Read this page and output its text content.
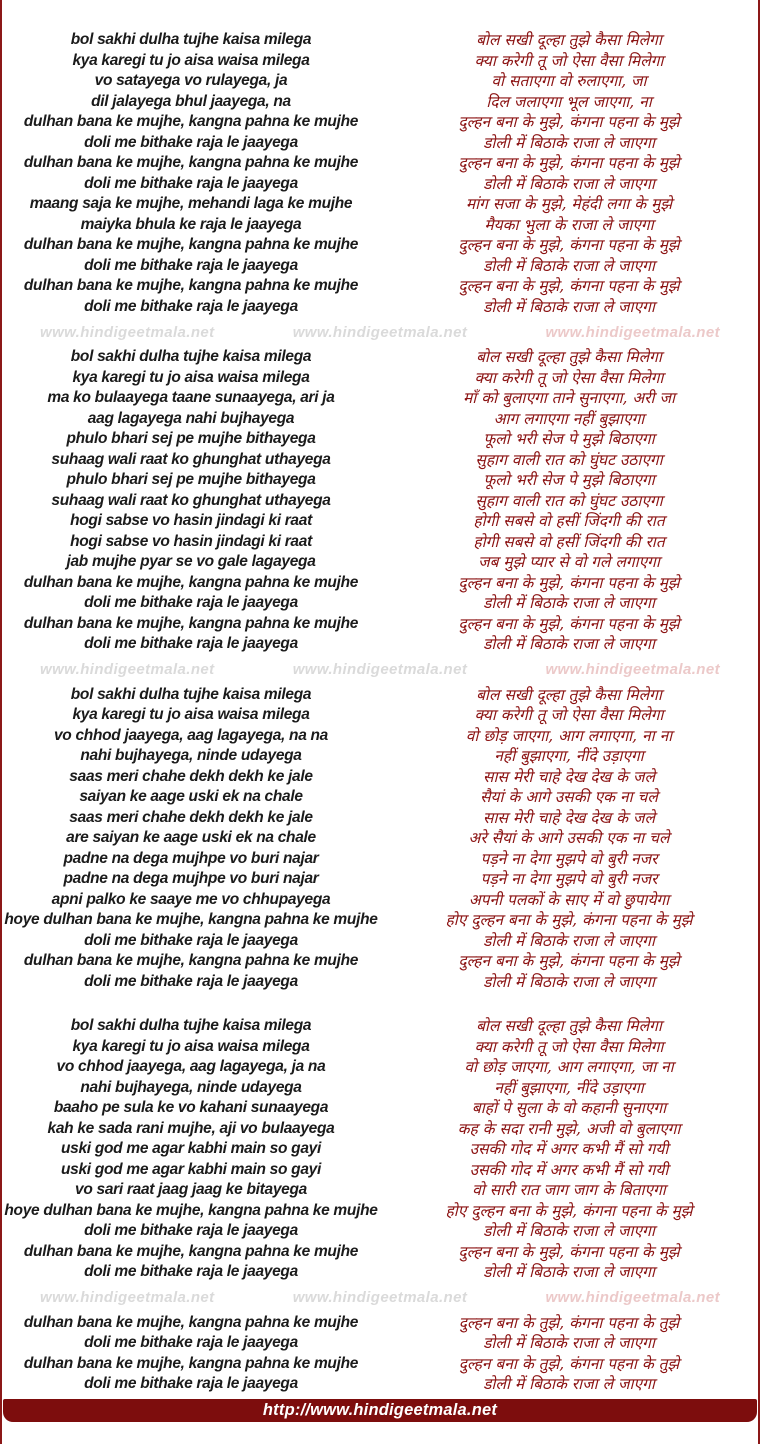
bol sakhi dulha tujhe kaisa milega

kya karegi tu jo aisa waisa milega

vo satayega vo rulayega, ja

dil jalayega bhul jaayega, na

dulhan bana ke mujhe, kangna pahna ke mujhe

doli me bithake raja le jaayega

dulhan bana ke mujhe, kangna pahna ke mujhe

doli me bithake raja le jaayega

maang saja ke mujhe, mehandi laga ke mujhe

maiyka bhula ke raja le jaayega

dulhan bana ke mujhe, kangna pahna ke mujhe

doli me bithake raja le jaayega

dulhan bana ke mujhe, kangna pahna ke mujhe

doli me bithake raja le jaayega

बोल सखी दूल्हा तुझे कैसा मिलेगा

क्या करेगी तू जो ऐसा वैसा मिलेगा

वो सताएगा वो रुलाएगा, जा

दिल जलाएगा भूल जाएगा, ना

दुल्हन बना के मुझे, कंगना पहना के मुझे

डोली में बिठाके राजा ले जाएगा

दुल्हन बना के मुझे, कंगना पहना के मुझे

डोली में बिठाके राजा ले जाएगा

मांग सजा के मुझे, मेहंदी लगा के मुझे

मैयका भुला के राजा ले जाएगा

दुल्हन बना के मुझे, कंगना पहना के मुझे

डोली में बिठाके राजा ले जाएगा

दुल्हन बना के मुझे, कंगना पहना के मुझे

डोली में बिठाके राजा ले जाएगा

www.hindigeetmala.net	www.hindigeetmala.net	www.hindigeetmala.net

bol sakhi dulha tujhe kaisa milega

kya karegi tu jo aisa waisa milega

ma ko bulaayega taane sunaayega, ari ja

aag lagayega nahi bujhayega

phulo bhari sej pe mujhe bithayega

suhaag wali raat ko ghunghat uthayega

phulo bhari sej pe mujhe bithayega

suhaag wali raat ko ghunghat uthayega

hogi sabse vo hasin jindagi ki raat

hogi sabse vo hasin jindagi ki raat

jab mujhe pyar se vo gale lagayega

dulhan bana ke mujhe, kangna pahna ke mujhe

doli me bithake raja le jaayega

dulhan bana ke mujhe, kangna pahna ke mujhe

doli me bithake raja le jaayega

बोल सखी दूल्हा तुझे कैसा मिलेगा

क्या करेगी तू जो ऐसा वैसा मिलेगा

माँ को बुलाएगा ताने सुनाएगा, अरी जा

आग लगाएगा नहीं बुझाएगा

फूलो भरी सेज पे मुझे बिठाएगा

सुहाग वाली रात को घुंघट उठाएगा

फूलो भरी सेज पे मुझे बिठाएगा

सुहाग वाली रात को घुंघट उठाएगा

होगी सबसे वो हसीं जिंदगी की रात

होगी सबसे वो हसीं जिंदगी की रात

जब मुझे प्यार से वो गले लगाएगा

दुल्हन बना के मुझे, कंगना पहना के मुझे

डोली में बिठाके राजा ले जाएगा

दुल्हन बना के मुझे, कंगना पहना के मुझे

डोली में बिठाके राजा ले जाएगा

www.hindigeetmala.net	www.hindigeetmala.net	www.hindigeetmala.net

bol sakhi dulha tujhe kaisa milega

kya karegi tu jo aisa waisa milega

vo chhod jaayega, aag lagayega, na na

nahi bujhayega, ninde udayega

saas meri chahe dekh dekh ke jale

saiyan ke aage uski ek na chale

saas meri chahe dekh dekh ke jale

are saiyan ke aage uski ek na chale

padne na dega mujhpe vo buri najar

padne na dega mujhpe vo buri najar

apni palko ke saaye me vo chhupayega

hoye dulhan bana ke mujhe, kangna pahna ke mujhe

doli me bithake raja le jaayega

dulhan bana ke mujhe, kangna pahna ke mujhe

doli me bithake raja le jaayega

बोल सखी दूल्हा तुझे कैसा मिलेगा

क्या करेगी तू जो ऐसा वैसा मिलेगा

वो छोड़ जाएगा, आग लगाएगा, ना ना

नहीं बुझाएगा, नींदे उड़ाएगा

सास मेरी चाहे देख देख के जले

सैयां के आगे उसकी एक ना चले

सास मेरी चाहे देख देख के जले

अरे सैयां के आगे उसकी एक ना चले

पड़ने ना देगा मुझपे वो बुरी नजर

पड़ने ना देगा मुझपे वो बुरी नजर

अपनी पलकों के साए में वो छुपायेगा

होए दुल्हन बना के मुझे, कंगना पहना के मुझे

डोली में बिठाके राजा ले जाएगा

दुल्हन बना के मुझे, कंगना पहना के मुझे

डोली में बिठाके राजा ले जाएगा

bol sakhi dulha tujhe kaisa milega

kya karegi tu jo aisa waisa milega

vo chhod jaayega, aag lagayega, ja na

nahi bujhayega, ninde udayega

baaho pe sula ke vo kahani sunaayega

kah ke sada rani mujhe, aji vo bulaayega

uski god me agar kabhi main so gayi

uski god me agar kabhi main so gayi

vo sari raat jaag jaag ke bitayega

hoye dulhan bana ke mujhe, kangna pahna ke mujhe

doli me bithake raja le jaayega

dulhan bana ke mujhe, kangna pahna ke mujhe

doli me bithake raja le jaayega

बोल सखी दूल्हा तुझे कैसा मिलेगा

क्या करेगी तू जो ऐसा वैसा मिलेगा

वो छोड़ जाएगा, आग लगाएगा, जा ना

नहीं बुझाएगा, नींदे उड़ाएगा

बाहों पे सुला के वो कहानी सुनाएगा

कह के सदा रानी मुझे, अजी वो बुलाएगा

उसकी गोद में अगर कभी मैं सो गयी

उसकी गोद में अगर कभी मैं सो गयी

वो सारी रात जाग जाग के बिताएगा

होए दुल्हन बना के मुझे, कंगना पहना के मुझे

डोली में बिठाके राजा ले जाएगा

दुल्हन बना के मुझे, कंगना पहना के मुझे

डोली में बिठाके राजा ले जाएगा

www.hindigeetmala.net	www.hindigeetmala.net	www.hindigeetmala.net

dulhan bana ke mujhe, kangna pahna ke mujhe

doli me bithake raja le jaayega

dulhan bana ke mujhe, kangna pahna ke mujhe

doli me bithake raja le jaayega

दुल्हन बना के तुझे, कंगना पहना के तुझे

डोली में बिठाके राजा ले जाएगा

दुल्हन बना के तुझे, कंगना पहना के तुझे

डोली में बिठाके राजा ले जाएगा

http://www.hindigeetmala.net
